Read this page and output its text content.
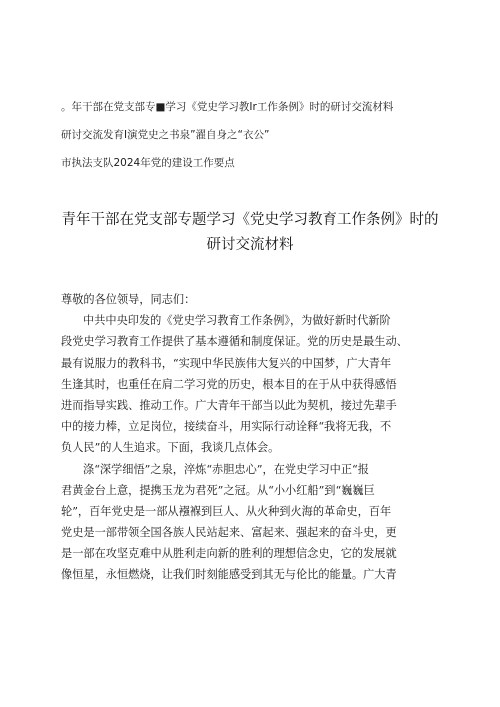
。年干部在党支部专■学习《党史学习教Ir工作条例》时的研讨交流材料
研讨交流发育I演党史之书泉”濯自身之“衣公”
市执法支队2024年党的建设工作要点
青年干部在党支部专题学习《党史学习教育工作条例》时的
研讨交流材料
尊敬的各位领导，同志们：
中共中央印发的《党史学习教育工作条例》，为做好新时代新阶
段党史学习教育工作提供了基本遵循和制度保证。党的历史是最生动、
最有说服力的教科书，“实现中华民族伟大复兴的中国梦，广大青年
生逢其时，也重任在肩二学习党的历史，根本目的在于从中获得感悟
进而指导实践、推动工作。广大青年干部当以此为契机，接过先辈手
中的接力棒，立足岗位，接续奋斗，用实际行动诠释“我将无我，不
负人民”的人生追求。下面，我谈几点体会。
涤“深学细悟”之泉，淬炼“赤胆忠心”，在党史学习中正“报
君黄金台上意，提携玉龙为君死”之冠。从“小小红船”到“巍巍巨
轮”，百年党史是一部从襁褓到巨人、从火种到火海的革命史，百年
党史是一部带领全国各族人民站起来、富起来、强起来的奋斗史，更
是一部在攻坚克难中从胜利走向新的胜利的理想信念史，它的发展就
像恒星，永恒燃烧，让我们时刻能感受到其无与伦比的能量。广大青
